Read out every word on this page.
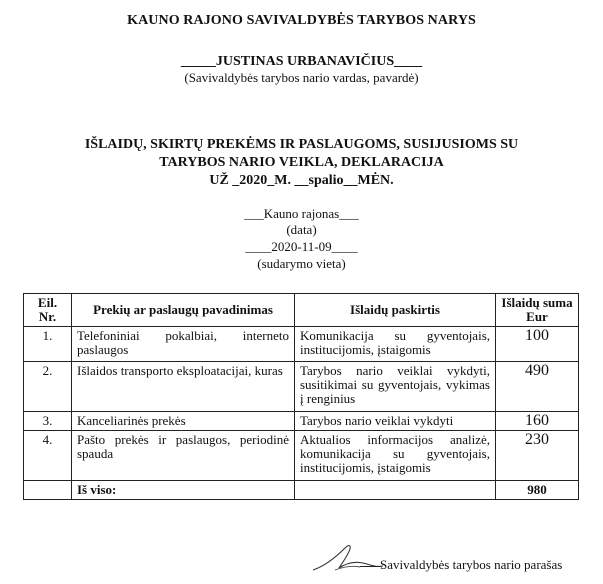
KAUNO RAJONO SAVIVALDYBĖS TARYBOS NARYS
_____JUSTINAS URBANAVIČIUS____
(Savivaldybės tarybos nario vardas, pavardė)
IŠLAIDŲ, SKIRTŲ PREKĖMS IR PASLAUGOMS, SUSIJUSIOMS SU
TARYBOS NARIO VEIKLA, DEKLARACIJA
UŽ _2020_M. __spalio__MĖN.
___Kauno rajonas___
(data)
____2020-11-09____
(sudarymo vieta)
Eil. Nr.	Prekių ar paslaugų pavadinimas	Išlaidų paskirtis	Išlaidų suma Eur
1.	Telefoniniai pokalbiai, interneto paslaugos	Komunikacija su gyventojais, institucijomis, įstaigomis	100
2.	Išlaidos transporto eksploatacijai, kuras	Tarybos nario veiklai vykdyti, susitikimai su gyventojais, vykimas į renginius	490
3.	Kanceliarinės prekės	Tarybos nario veiklai vykdyti	160
4.	Pašto prekės ir paslaugos, periodinė spauda	Aktualios informacijos analizė, komunikacija su gyventojais, institucijomis, įstaigomis	230
	Iš viso:		980
Savivaldybės tarybos nario parašas
